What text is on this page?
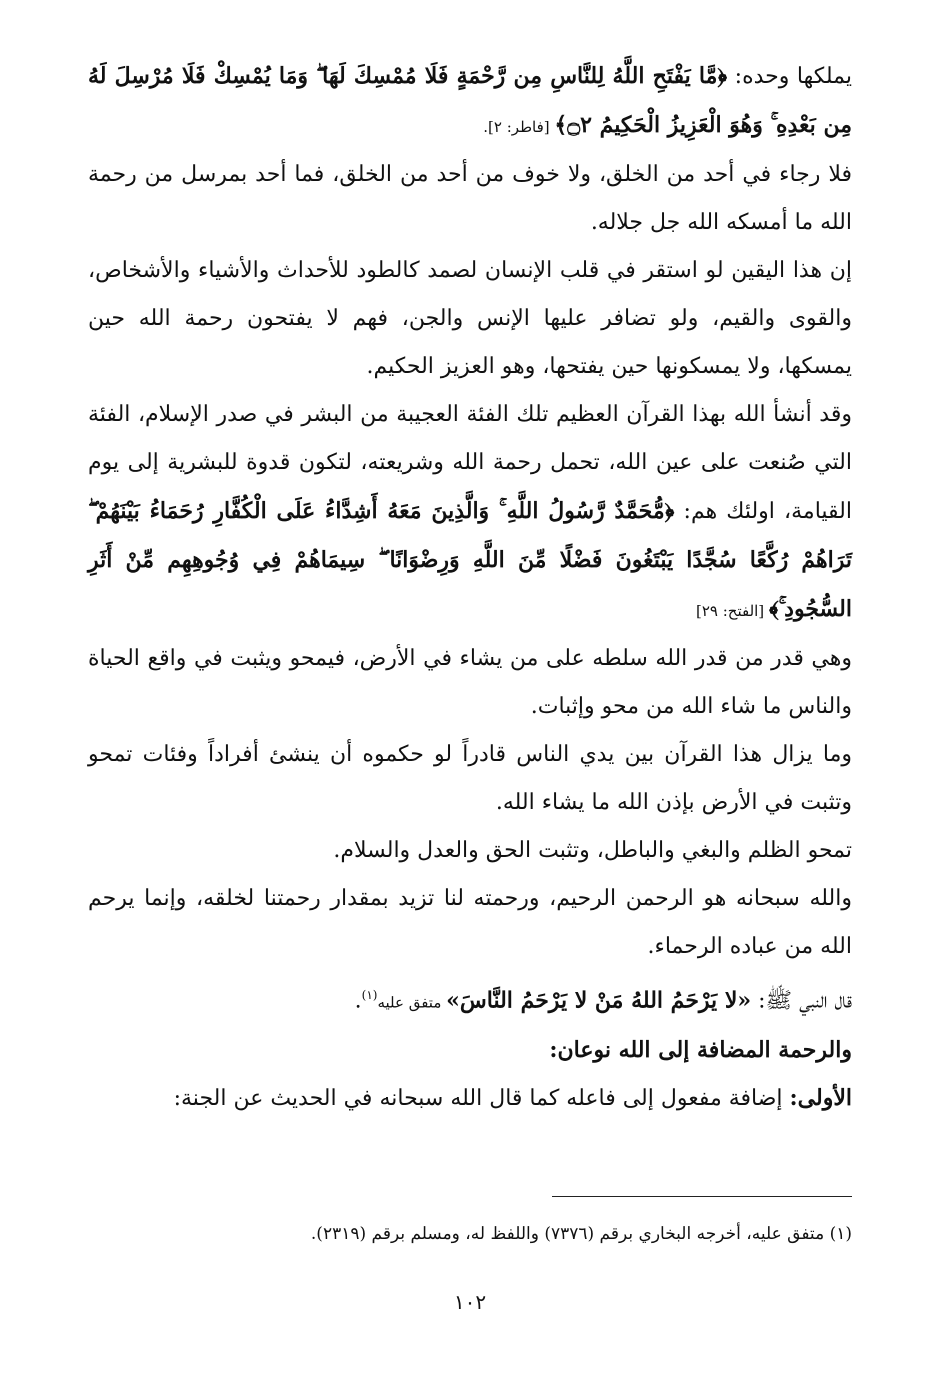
يملكها وحده: ﴿مَّا يَفْتَحِ اللَّهُ لِلنَّاسِ مِن رَّحْمَةٍ فَلَا مُمْسِكَ لَهَا ۖ وَمَا يُمْسِكْ فَلَا مُرْسِلَ لَهُ مِن بَعْدِهِ ۚ وَهُوَ الْعَزِيزُ الْحَكِيمُ ۝٢﴾ [فاطر: ٢].

فلا رجاء في أحد من الخلق، ولا خوف من أحد من الخلق، فما أحد بمرسل من رحمة الله ما أمسكه الله جل جلاله.

إن هذا اليقين لو استقر في قلب الإنسان لصمد كالطود للأحداث والأشياء والأشخاص، والقوى والقيم، ولو تضافر عليها الإنس والجن، فهم لا يفتحون رحمة الله حين يمسكها، ولا يمسكونها حين يفتحها، وهو العزيز الحكيم.

وقد أنشأ الله بهذا القرآن العظيم تلك الفئة العجيبة من البشر في صدر الإسلام، الفئة التي صُنعت على عين الله، تحمل رحمة الله وشريعته، لتكون قدوة للبشرية إلى يوم القيامة، اولئك هم: ﴿مُّحَمَّدٌ رَّسُولُ اللَّهِ ۚ وَالَّذِينَ مَعَهُ أَشِدَّاءُ عَلَى الْكُفَّارِ رُحَمَاءُ بَيْنَهُمْ ۖ تَرَاهُمْ رُكَّعًا سُجَّدًا يَبْتَغُونَ فَضْلًا مِّنَ اللَّهِ وَرِضْوَانًا ۖ سِيمَاهُمْ فِي وُجُوهِهِم مِّنْ أَثَرِ السُّجُودِ ۚ﴾ [الفتح: ٢٩]

وهي قدر من قدر الله سلطه على من يشاء في الأرض، فيمحو ويثبت في واقع الحياة والناس ما شاء الله من محو وإثبات.

وما يزال هذا القرآن بين يدي الناس قادراً لو حكموه أن ينشئ أفراداً وفئات تمحو وتثبت في الأرض بإذن الله ما يشاء الله.

تمحو الظلم والبغي والباطل، وتثبت الحق والعدل والسلام.

والله سبحانه هو الرحمن الرحيم، ورحمته لنا تزيد بمقدار رحمتنا لخلقه، وإنما يرحم الله من عباده الرحماء.

قال النبي ﷺ: «لا يَرْحَمُ اللهُ مَنْ لا يَرْحَمُ النَّاسَ» متفق عليه$^{(١)}$.

والرحمة المضافة إلى الله نوعان:

الأولى: إضافة مفعول إلى فاعله كما قال الله سبحانه في الحديث عن الجنة:

(١) متفق عليه، أخرجه البخاري برقم (٧٣٧٦) واللفظ له، ومسلم برقم (٢٣١٩).
١٠٢
